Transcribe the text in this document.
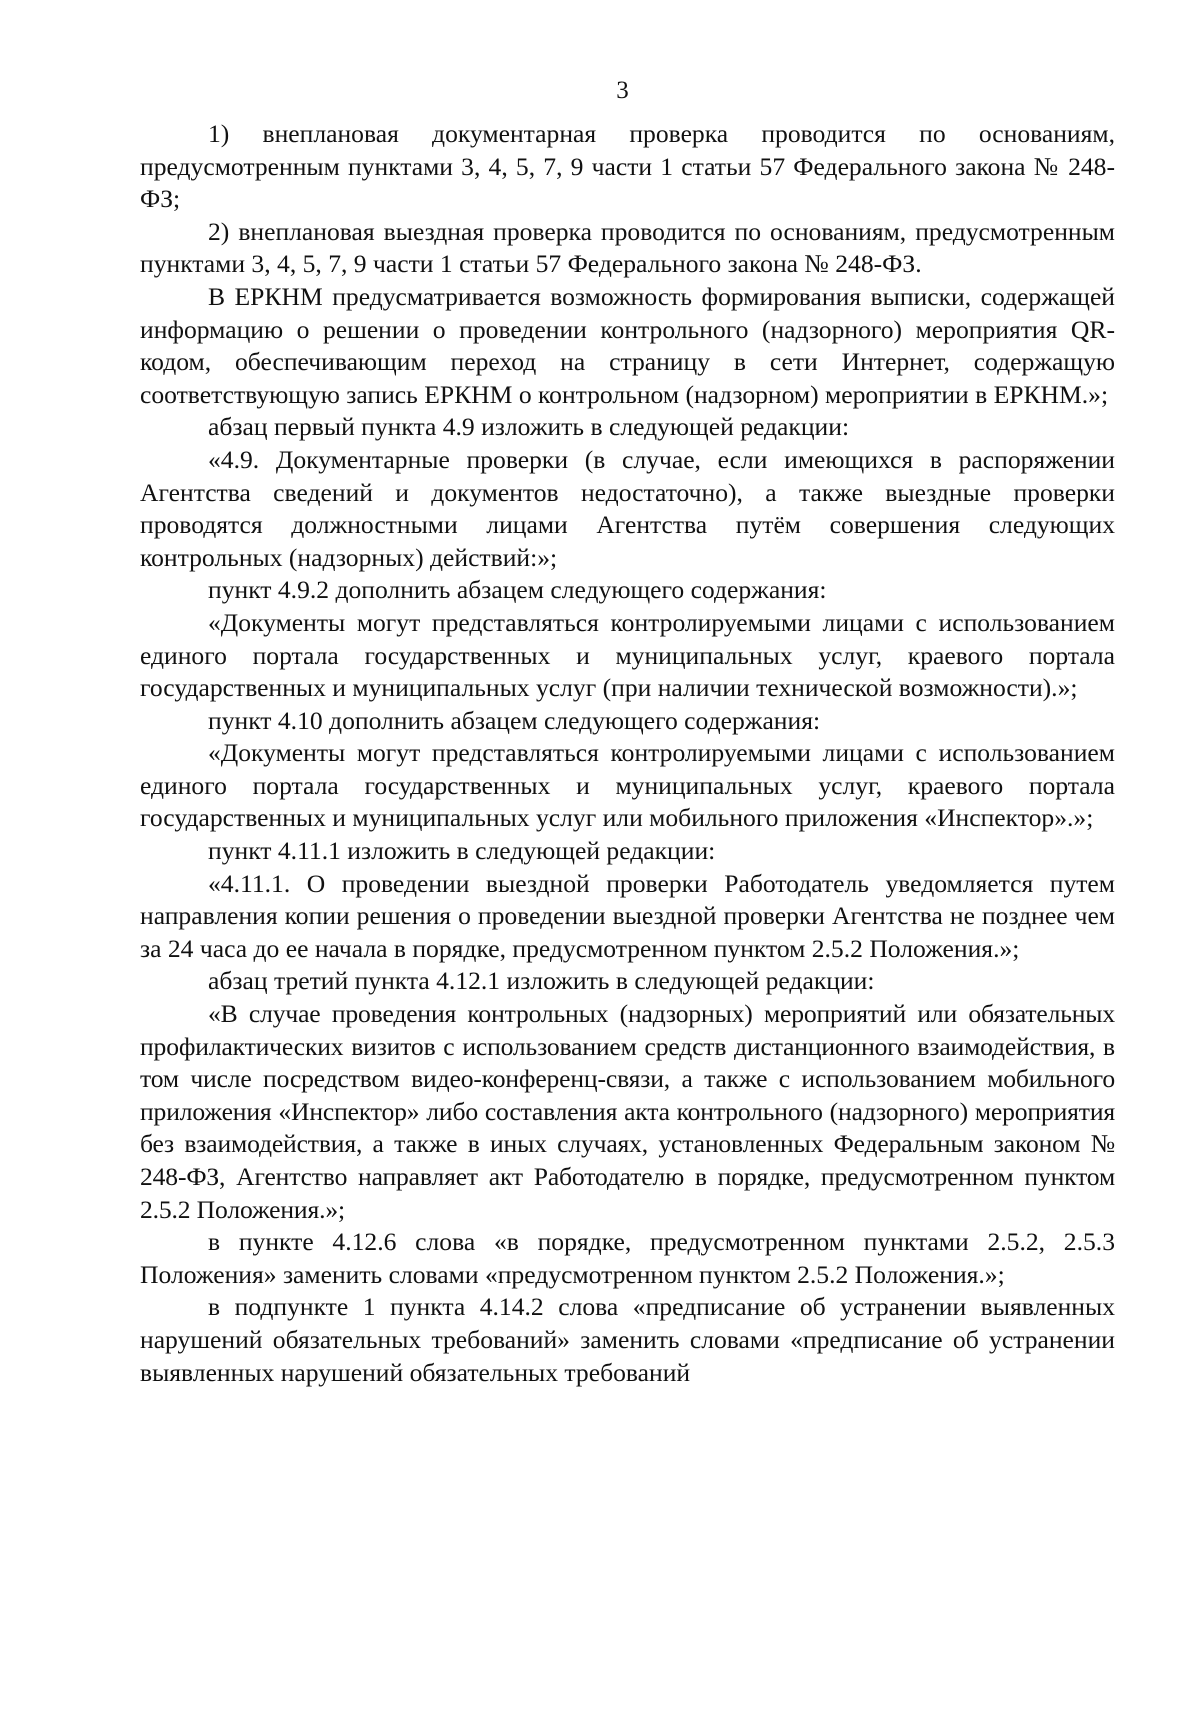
3

1) внеплановая документарная проверка проводится по основаниям, предусмотренным пунктами 3, 4, 5, 7, 9 части 1 статьи 57 Федерального закона № 248-ФЗ;

2) внеплановая выездная проверка проводится по основаниям, предусмотренным пунктами 3, 4, 5, 7, 9 части 1 статьи 57 Федерального закона № 248-ФЗ.

В ЕРКНМ предусматривается возможность формирования выписки, содержащей информацию о решении о проведении контрольного (надзорного) мероприятия QR-кодом, обеспечивающим переход на страницу в сети Интернет, содержащую соответствующую запись ЕРКНМ о контрольном (надзорном) мероприятии в ЕРКНМ.»;

абзац первый пункта 4.9 изложить в следующей редакции:

«4.9. Документарные проверки (в случае, если имеющихся в распоряжении Агентства сведений и документов недостаточно), а также выездные проверки проводятся должностными лицами Агентства путём совершения следующих контрольных (надзорных) действий:»;

пункт 4.9.2 дополнить абзацем следующего содержания:

«Документы могут представляться контролируемыми лицами с использованием единого портала государственных и муниципальных услуг, краевого портала государственных и муниципальных услуг (при наличии технической возможности).»;

пункт 4.10 дополнить абзацем следующего содержания:

«Документы могут представляться контролируемыми лицами с использованием единого портала государственных и муниципальных услуг, краевого портала государственных и муниципальных услуг или мобильного приложения «Инспектор».»;

пункт 4.11.1 изложить в следующей редакции:

«4.11.1. О проведении выездной проверки Работодатель уведомляется путем направления копии решения о проведении выездной проверки Агентства не позднее чем за 24 часа до ее начала в порядке, предусмотренном пунктом 2.5.2 Положения.»;

абзац третий пункта 4.12.1 изложить в следующей редакции:

«В случае проведения контрольных (надзорных) мероприятий или обязательных профилактических визитов с использованием средств дистанционного взаимодействия, в том числе посредством видео-конференц-связи, а также с использованием мобильного приложения «Инспектор» либо составления акта контрольного (надзорного) мероприятия без взаимодействия, а также в иных случаях, установленных Федеральным законом № 248-ФЗ, Агентство направляет акт Работодателю в порядке, предусмотренном пунктом 2.5.2 Положения.»;

в пункте 4.12.6 слова «в порядке, предусмотренном пунктами 2.5.2, 2.5.3 Положения» заменить словами «предусмотренном пунктом 2.5.2 Положения.»;

в подпункте 1 пункта 4.14.2 слова «предписание об устранении выявленных нарушений обязательных требований» заменить словами «предписание об устранении выявленных нарушений обязательных требований
